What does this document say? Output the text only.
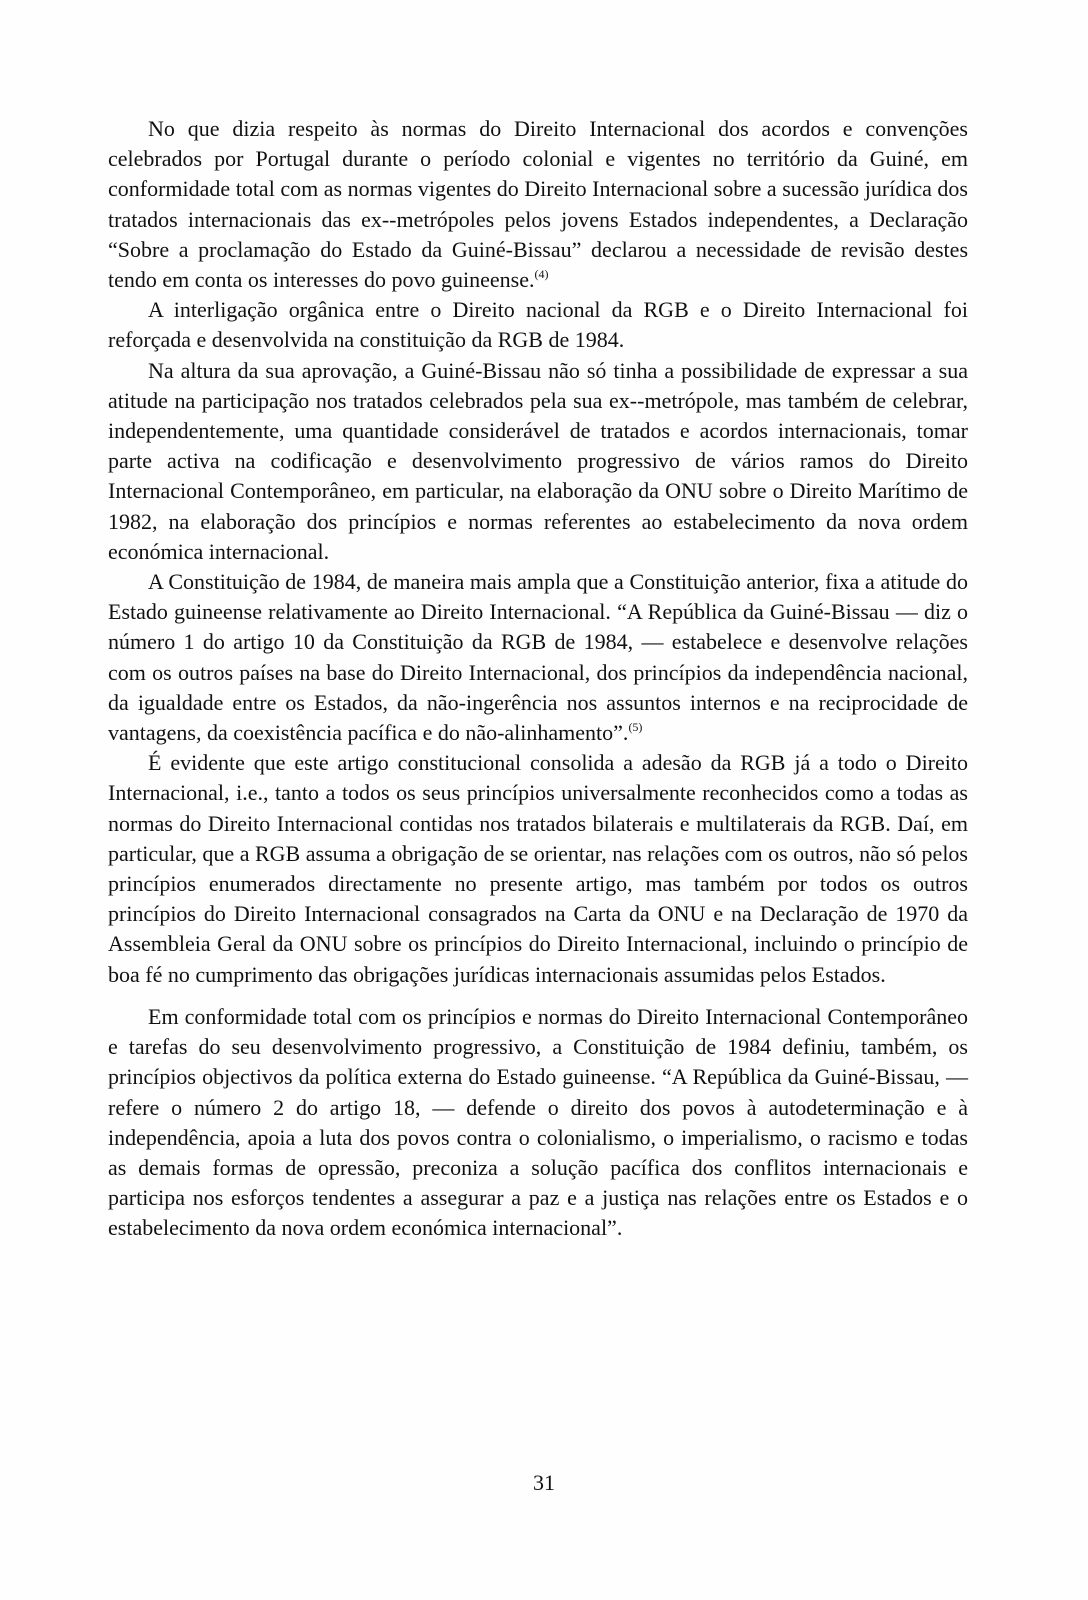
No que dizia respeito às normas do Direito Internacional dos acordos e convenções celebrados por Portugal durante o período colonial e vigentes no território da Guiné, em conformidade total com as normas vigentes do Direito Internacional sobre a sucessão jurídica dos tratados internacionais das ex-‑metrópoles pelos jovens Estados independentes, a Declaração “Sobre a proclamação do Estado da Guiné-Bissau” declarou a necessidade de revisão destes tendo em conta os interesses do povo guineense.$^{(4)}$

A interligação orgânica entre o Direito nacional da RGB e o Direito Internacional foi reforçada e desenvolvida na constituição da RGB de 1984.

Na altura da sua aprovação, a Guiné-Bissau não só tinha a possibilidade de expressar a sua atitude na participação nos tratados celebrados pela sua ex-‑metrópole, mas também de celebrar, independentemente, uma quantidade considerável de tratados e acordos internacionais, tomar parte activa na codificação e desenvolvimento progressivo de vários ramos do Direito Internacional Contemporâneo, em particular, na elaboração da ONU sobre o Direito Marítimo de 1982, na elaboração dos princípios e normas referentes ao estabelecimento da nova ordem económica internacional.

A Constituição de 1984, de maneira mais ampla que a Constituição anterior, fixa a atitude do Estado guineense relativamente ao Direito Internacional. “A República da Guiné-Bissau — diz o número 1 do artigo 10 da Constituição da RGB de 1984, — estabelece e desenvolve relações com os outros países na base do Direito Internacional, dos princípios da independência nacional, da igualdade entre os Estados, da não-ingerência nos assuntos internos e na reciprocidade de vantagens, da coexistência pacífica e do não-alinhamento”.$^{(5)}$

É evidente que este artigo constitucional consolida a adesão da RGB já a todo o Direito Internacional, i.e., tanto a todos os seus princípios universalmente reconhecidos como a todas as normas do Direito Internacional contidas nos tratados bilaterais e multilaterais da RGB. Daí, em particular, que a RGB assuma a obrigação de se orientar, nas relações com os outros, não só pelos princípios enumerados directamente no presente artigo, mas também por todos os outros princípios do Direito Internacional consagrados na Carta da ONU e na Declaração de 1970 da Assembleia Geral da ONU sobre os princípios do Direito Internacional, incluindo o princípio de boa fé no cumprimento das obrigações jurídicas internacionais assumidas pelos Estados.

Em conformidade total com os princípios e normas do Direito Internacional Contemporâneo e tarefas do seu desenvolvimento progressivo, a Constituição de 1984 definiu, também, os princípios objectivos da política externa do Estado guineense. “A República da Guiné-Bissau, — refere o número 2 do artigo 18, — defende o direito dos povos à autodeterminação e à independência, apoia a luta dos povos contra o colonialismo, o imperialismo, o racismo e todas as demais formas de opressão, preconiza a solução pacífica dos conflitos internacionais e participa nos esforços tendentes a assegurar a paz e a justiça nas relações entre os Estados e o estabelecimento da nova ordem económica internacional”.

31
